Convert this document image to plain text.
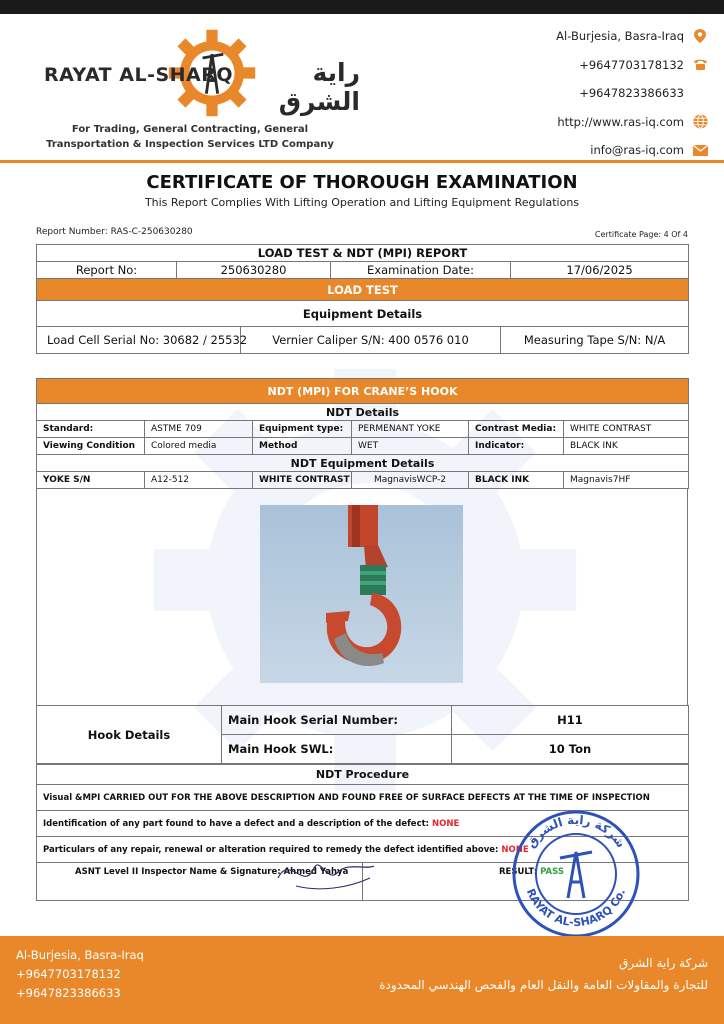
RAYAT AL-SHARQ	راية الشرق
For Trading, General Contracting, General Transportation & Inspection Services LTD Company
Al-Burjesia, Basra-Iraq
+9647703178132
+9647823386633
http://www.ras-iq.com
info@ras-iq.com
CERTIFICATE OF THOROUGH EXAMINATION
This Report Complies With Lifting Operation and Lifting Equipment Regulations
Report Number: RAS-C-250630280	Certificate Page: 4 Of 4
LOAD TEST & NDT (MPI) REPORT
Report No:	250630280	Examination Date:	17/06/2025
LOAD TEST
Equipment Details

Load Cell Serial No: 30682 / 25532	Vernier Caliper S/N: 400 0576 010	Measuring Tape S/N: N/A
NDT (MPI) FOR CRANE’S HOOK					
NDT Details					
Standard:	ASTME 709	Equipment type:	PERMENANT YOKE	Contrast Media:	WHITE CONTRAST
Viewing Condition	Colored media	Method	WET	Indicator:	BLACK INK
NDT Equipment Details					
YOKE S/N	A12-512	WHITE CONTRAST	MagnavisWCP-2	BLACK INK	Magnavis7HF
Hook Details	Main Hook Serial Number:	H11
	Main Hook SWL:	10 Ton
NDT Procedure
Visual &MPI CARRIED OUT FOR THE ABOVE DESCRIPTION AND FOUND FREE OF SURFACE DEFECTS AT THE TIME OF INSPECTION
Identification of any part found to have a defect and a description of the defect: NONE
Particulars of any repair, renewal or alteration required to remedy the defect identified above: NONE
ASNT Level II Inspector Name & Signature: Ahmed Yahya	RESULT: PASS
شركة راية الشرق
RAYAT AL-SHARQ Co.
Al-Burjesia, Basra-Iraq
+9647703178132
+9647823386633
شركة راية الشرق
للتجارة والمقاولات العامة والنقل العام والفحص الهندسي المحدودة
